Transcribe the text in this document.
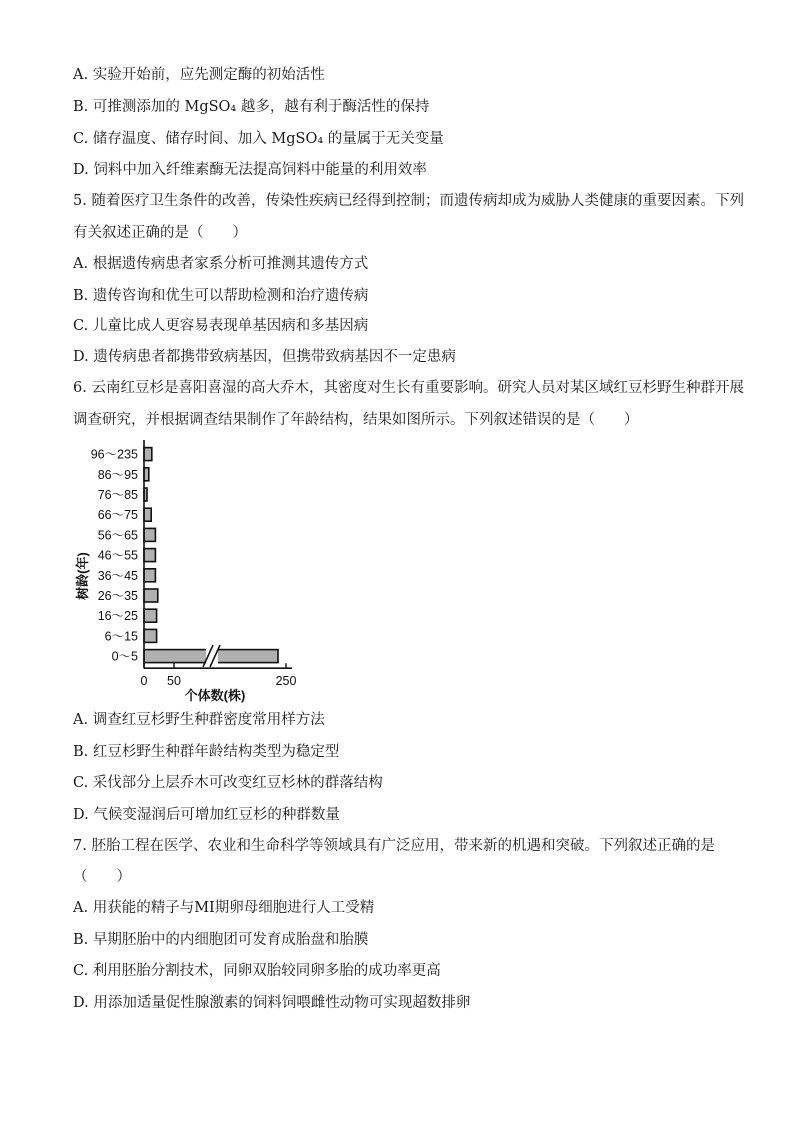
A. 实验开始前，应先测定酶的初始活性

B. 可推测添加的 MgSO₄ 越多，越有利于酶活性的保持

C. 储存温度、储存时间、加入 MgSO₄ 的量属于无关变量

D. 饲料中加入纤维素酶无法提高饲料中能量的利用效率

5. 随着医疗卫生条件的改善，传染性疾病已经得到控制；而遗传病却成为威胁人类健康的重要因素。下列

有关叙述正确的是（　　）

A. 根据遗传病患者家系分析可推测其遗传方式

B. 遗传咨询和优生可以帮助检测和治疗遗传病

C. 儿童比成人更容易表现单基因病和多基因病

D. 遗传病患者都携带致病基因，但携带致病基因不一定患病

6. 云南红豆杉是喜阳喜湿的高大乔木，其密度对生长有重要影响。研究人员对某区域红豆杉野生种群开展

调查研究，并根据调查结果制作了年龄结构，结果如图所示。下列叙述错误的是（　　）

96～235
86～95
76～85
66～75
56～65
46～55
36～45
26～35
16～25
6～15
0～5
0 50	250
树龄(年)
个体数(株)

A. 调查红豆杉野生种群密度常用样方法

B. 红豆杉野生种群年龄结构类型为稳定型

C. 采伐部分上层乔木可改变红豆杉林的群落结构

D. 气候变湿润后可增加红豆杉的种群数量

7. 胚胎工程在医学、农业和生命科学等领域具有广泛应用，带来新的机遇和突破。下列叙述正确的是

（　　）

A. 用获能的精子与MI期卵母细胞进行人工受精

B. 早期胚胎中的内细胞团可发育成胎盘和胎膜

C. 利用胚胎分割技术，同卵双胎较同卵多胎的成功率更高

D. 用添加适量促性腺激素的饲料饲喂雌性动物可实现超数排卵
